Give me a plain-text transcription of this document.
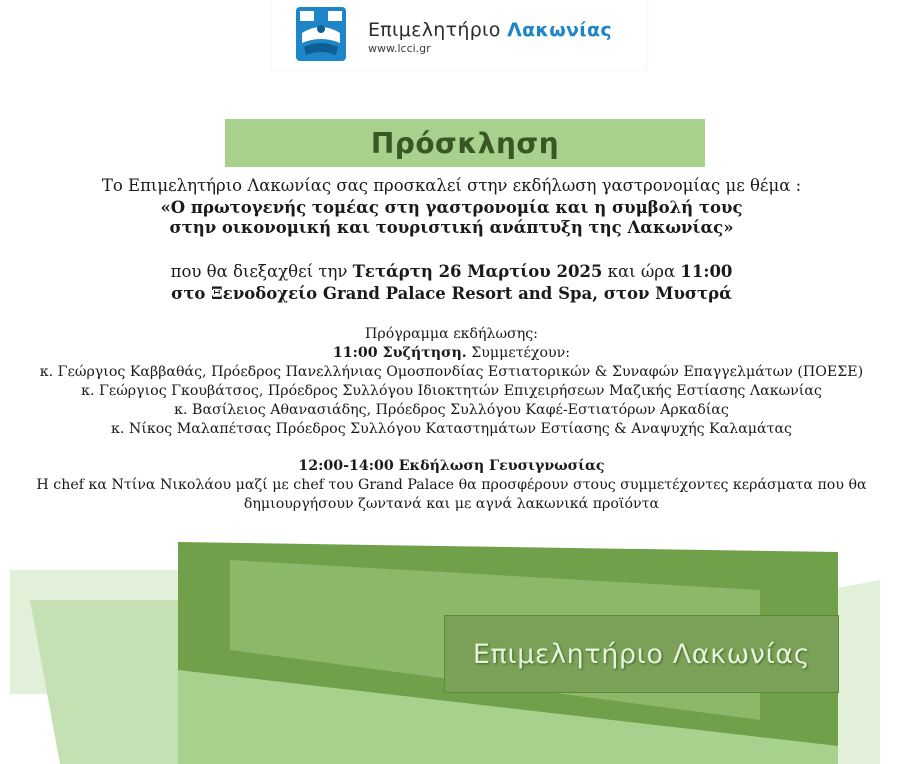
Επιμελητήριο Λακωνίας
www.lcci.gr
Πρόσκληση
Το Επιμελητήριο Λακωνίας σας προσκαλεί στην εκδήλωση γαστρονομίας με θέμα :
«Ο πρωτογενής τομέας στη γαστρονομία και η συμβολή τους
στην οικονομική και τουριστική ανάπτυξη της Λακωνίας»
που θα διεξαχθεί την Τετάρτη 26 Μαρτίου 2025 και ώρα 11:00
στο Ξενοδοχείο Grand Palace Resort and Spa, στον Μυστρά
Πρόγραμμα εκδήλωσης:
11:00 Συζήτηση. Συμμετέχουν:
κ. Γεώργιος Καββαθάς, Πρόεδρος Πανελλήνιας Ομοσπονδίας Εστιατορικών & Συναφών Επαγγελμάτων (ΠΟΕΣΕ)
κ. Γεώργιος Γκουβάτσος, Πρόεδρος Συλλόγου Ιδιοκτητών Επιχειρήσεων Μαζικής Εστίασης Λακωνίας
κ. Βασίλειος Αθανασιάδης, Πρόεδρος Συλλόγου Καφέ-Εστιατόρων Αρκαδίας
κ. Νίκος Μαλαπέτσας Πρόεδρος Συλλόγου Καταστημάτων Εστίασης & Αναψυχής Καλαμάτας
12:00-14:00 Εκδήλωση Γευσιγνωσίας
Η chef κα Ντίνα Νικολάου μαζί με chef του Grand Palace θα προσφέρουν στους συμμετέχοντες κεράσματα που θα
δημιουργήσουν ζωντανά και με αγνά λακωνικά προϊόντα
Επιμελητήριο Λακωνίας
